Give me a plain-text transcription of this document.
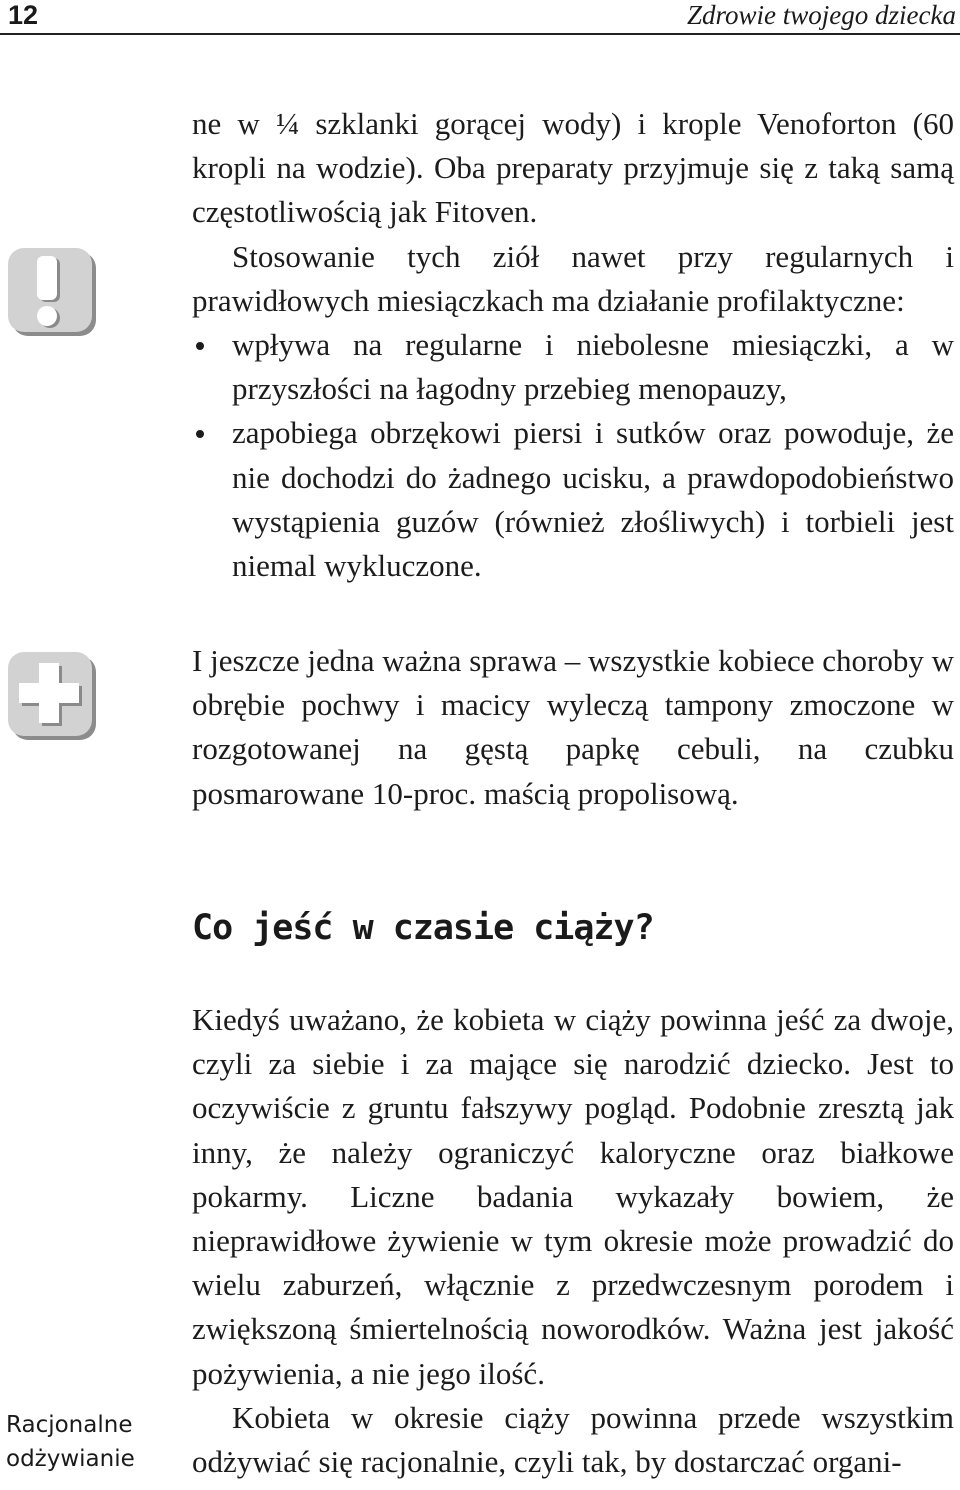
12	Zdrowie twojego dziecka

ne w ¼ szklanki gorącej wody) i krople Venoforton (60 kropli na wodzie). Oba preparaty przyjmuje się z taką samą częstotliwością jak Fitoven.

Stosowanie tych ziół nawet przy regularnych i prawidłowych miesiączkach ma działanie profilaktyczne:

wpływa na regularne i niebolesne miesiączki, a w przyszłości na łagodny przebieg menopauzy,
zapobiega obrzękowi piersi i sutków oraz powoduje, że nie dochodzi do żadnego ucisku, a prawdopodobieństwo wystąpienia guzów (również złośliwych) i torbieli jest niemal wykluczone.

I jeszcze jedna ważna sprawa – wszystkie kobiece choroby w obrębie pochwy i macicy wyleczą tampony zmoczone w rozgotowanej na gęstą papkę cebuli, na czubku posmarowane 10-proc. maścią propolisową.

Co jeść w czasie ciąży?

Kiedyś uważano, że kobieta w ciąży powinna jeść za dwoje, czyli za siebie i za mające się narodzić dziecko. Jest to oczywiście z gruntu fałszywy pogląd. Podobnie zresztą jak inny, że należy ograniczyć kaloryczne oraz białkowe pokarmy. Liczne badania wykazały bowiem, że nieprawidłowe żywienie w tym okresie może prowadzić do wielu zaburzeń, włącznie z przedwczesnym porodem i zwiększoną śmiertelnością noworodków. Ważna jest jakość pożywienia, a nie jego ilość.

Kobieta w okresie ciąży powinna przede wszystkim odżywiać się racjonalnie, czyli tak, by dostarczać organi-

Racjonalne odżywianie
